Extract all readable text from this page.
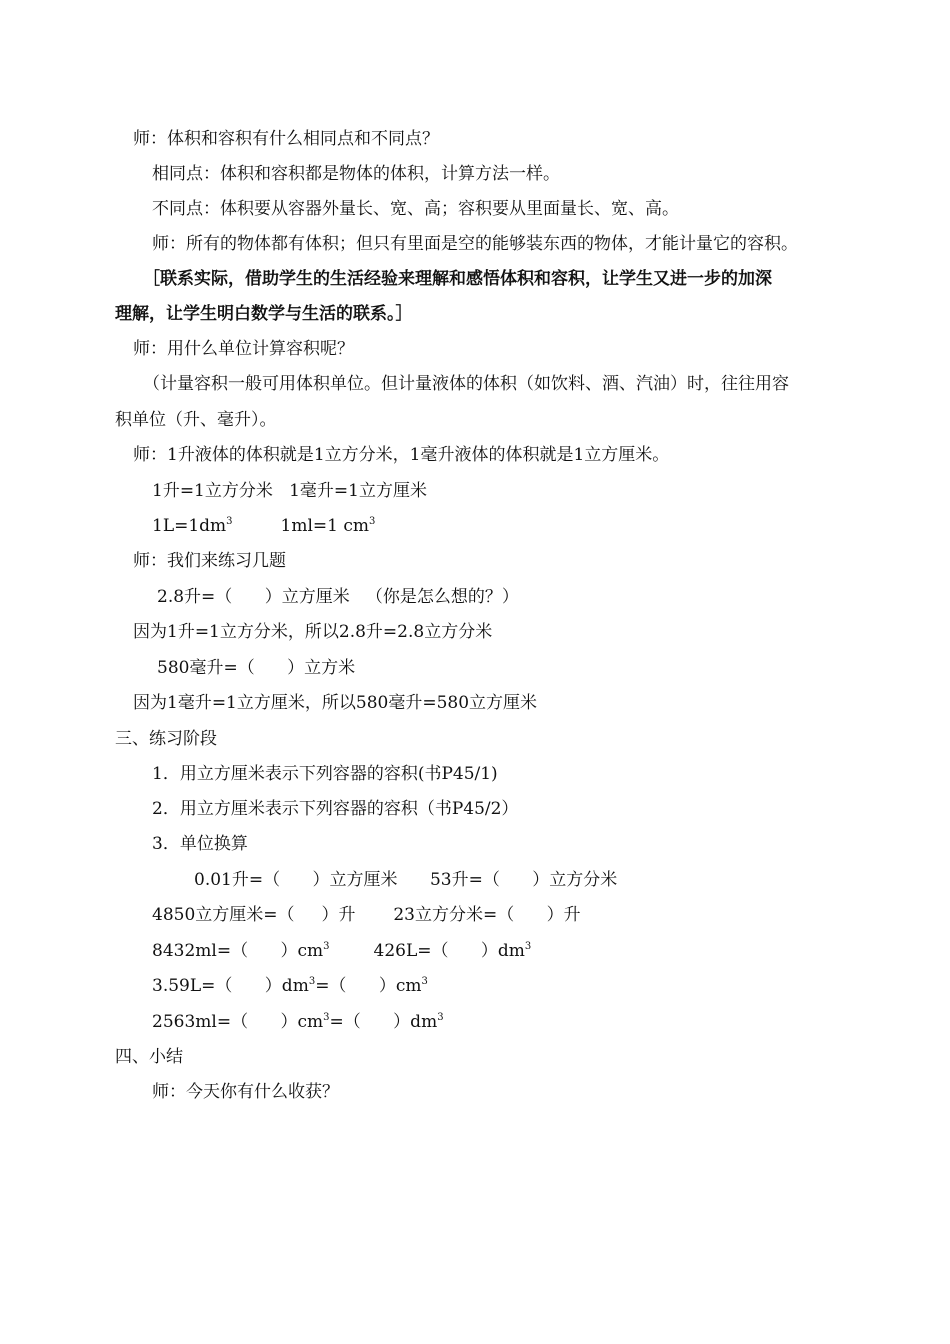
师：体积和容积有什么相同点和不同点？
相同点：体积和容积都是物体的体积，计算方法一样。
不同点：体积要从容器外量长、宽、高；容积要从里面量长、宽、高。
师：所有的物体都有体积；但只有里面是空的能够装东西的物体，才能计量它的容积。
［联系实际，借助学生的生活经验来理解和感悟体积和容积，让学生又进一步的加深
理解，让学生明白数学与生活的联系。］
师：用什么单位计算容积呢？
（计量容积一般可用体积单位。但计量液体的体积（如饮料、酒、汽油）时，往往用容
积单位（升、毫升）。
师：1升液体的体积就是1立方分米，1毫升液体的体积就是1立方厘米。
1升=1立方分米   1毫升=1立方厘米
$1L=1dm^3$	1ml=1 $cm^3$
师：我们来练习几题
2.8升=（      ）立方厘米   （你是怎么想的？）
因为1升=1立方分米，所以2.8升=2.8立方分米
580毫升=（      ）立方米
因为1毫升=1立方厘米，所以580毫升=580立方厘米
三、练习阶段
1．用立方厘米表示下列容器的容积(书P45/1)
2．用立方厘米表示下列容器的容积（书P45/2）
3．单位换算
0.01升=（      ）立方厘米      53升=（      ）立方分米
4850立方厘米=（     ）升       23立方分米=（      ）升
8432ml=（      ）$cm^3$	426L=（      ）$dm^3$
3.59L=（      ）$dm^3=$（      ）$cm^3$
2563ml=（      ）$cm^3=$（      ）$dm^3$
四、小结
师：今天你有什么收获？
